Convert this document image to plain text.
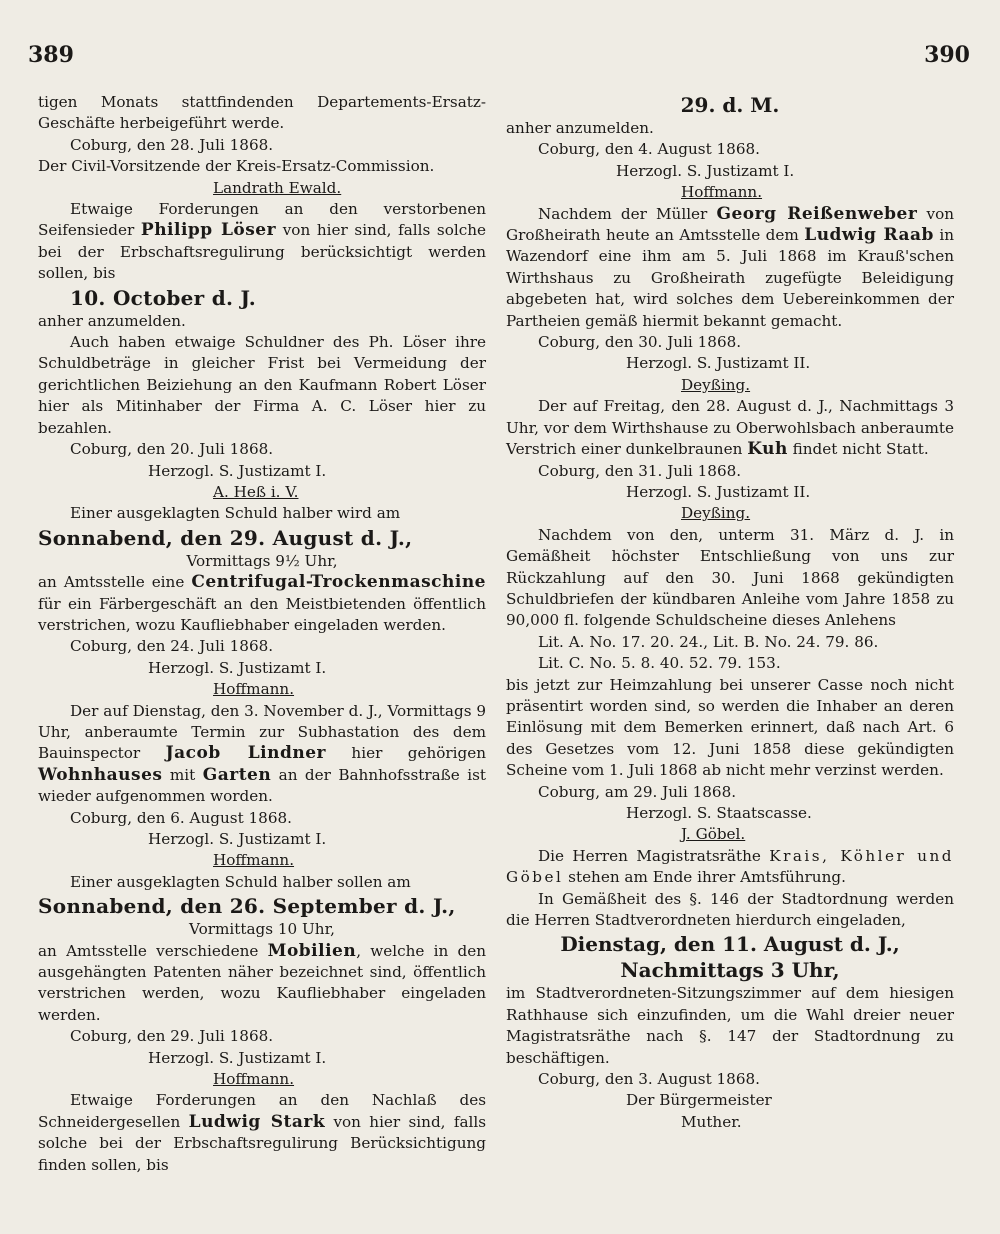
389	390

tigen Monats stattfindenden Departements-Ersatz-Geschäfte herbeigeführt werde.

Coburg, den 28. Juli 1868.

Der Civil-Vorsitzende der Kreis-Ersatz-Commission.

Landrath Ewald.

Etwaige Forderungen an den verstorbenen Seifensieder Philipp Löser von hier sind, falls solche bei der Erbschaftsregulirung berücksichtigt werden sollen, bis

10. October d. J.

anher anzumelden.

Auch haben etwaige Schuldner des Ph. Löser ihre Schuldbeträge in gleicher Frist bei Vermeidung der gerichtlichen Beiziehung an den Kaufmann Robert Löser hier als Mitinhaber der Firma A. C. Löser hier zu bezahlen.

Coburg, den 20. Juli 1868.

Herzogl. S. Justizamt I.

A. Heß i. V.

Einer ausgeklagten Schuld halber wird am

Sonnabend, den 29. August d. J.,

Vormittags 9½ Uhr,

an Amtsstelle eine Centrifugal-Trockenmaschine für ein Färbergeschäft an den Meistbietenden öffentlich verstrichen, wozu Kaufliebhaber eingeladen werden.

Coburg, den 24. Juli 1868.

Herzogl. S. Justizamt I.

Hoffmann.

Der auf Dienstag, den 3. November d. J., Vormittags 9 Uhr, anberaumte Termin zur Subhastation des dem Bauinspector Jacob Lindner hier gehörigen Wohnhauses mit Garten an der Bahnhofsstraße ist wieder aufgenommen worden.

Coburg, den 6. August 1868.

Herzogl. S. Justizamt I.

Hoffmann.

Einer ausgeklagten Schuld halber sollen am

Sonnabend, den 26. September d. J.,

Vormittags 10 Uhr,

an Amtsstelle verschiedene Mobilien, welche in den ausgehängten Patenten näher bezeichnet sind, öffentlich verstrichen werden, wozu Kaufliebhaber eingeladen werden.

Coburg, den 29. Juli 1868.

Herzogl. S. Justizamt I.

Hoffmann.

Etwaige Forderungen an den Nachlaß des Schneidergesellen Ludwig Stark von hier sind, falls solche bei der Erbschaftsregulirung Berücksichtigung finden sollen, bis

29. d. M.

anher anzumelden.

Coburg, den 4. August 1868.

Herzogl. S. Justizamt I.

Hoffmann.

Nachdem der Müller Georg Reißenweber von Großheirath heute an Amtsstelle dem Ludwig Raab in Wazendorf eine ihm am 5. Juli 1868 im Krauß'schen Wirthshaus zu Großheirath zugefügte Beleidigung abgebeten hat, wird solches dem Uebereinkommen der Partheien gemäß hiermit bekannt gemacht.

Coburg, den 30. Juli 1868.

Herzogl. S. Justizamt II.

Deyßing.

Der auf Freitag, den 28. August d. J., Nachmittags 3 Uhr, vor dem Wirthshause zu Oberwohlsbach anberaumte Verstrich einer dunkelbraunen Kuh findet nicht Statt.

Coburg, den 31. Juli 1868.

Herzogl. S. Justizamt II.

Deyßing.

Nachdem von den, unterm 31. März d. J. in Gemäßheit höchster Entschließung von uns zur Rückzahlung auf den 30. Juni 1868 gekündigten Schuldbriefen der kündbaren Anleihe vom Jahre 1858 zu 90,000 fl. folgende Schuldscheine dieses Anlehens

Lit. A. No. 17. 20. 24., Lit. B. No. 24. 79. 86.

Lit. C. No. 5. 8. 40. 52. 79. 153.

bis jetzt zur Heimzahlung bei unserer Casse noch nicht präsentirt worden sind, so werden die Inhaber an deren Einlösung mit dem Bemerken erinnert, daß nach Art. 6 des Gesetzes vom 12. Juni 1858 diese gekündigten Scheine vom 1. Juli 1868 ab nicht mehr verzinst werden.

Coburg, am 29. Juli 1868.

Herzogl. S. Staatscasse.

J. Göbel.

Die Herren Magistratsräthe Krais, Köhler und Göbel stehen am Ende ihrer Amtsführung.

In Gemäßheit des §. 146 der Stadtordnung werden die Herren Stadtverordneten hierdurch eingeladen,

Dienstag, den 11. August d. J.,

Nachmittags 3 Uhr,

im Stadtverordneten-Sitzungszimmer auf dem hiesigen Rathhause sich einzufinden, um die Wahl dreier neuer Magistratsräthe nach §. 147 der Stadtordnung zu beschäftigen.

Coburg, den 3. August 1868.

Der Bürgermeister

Muther.
